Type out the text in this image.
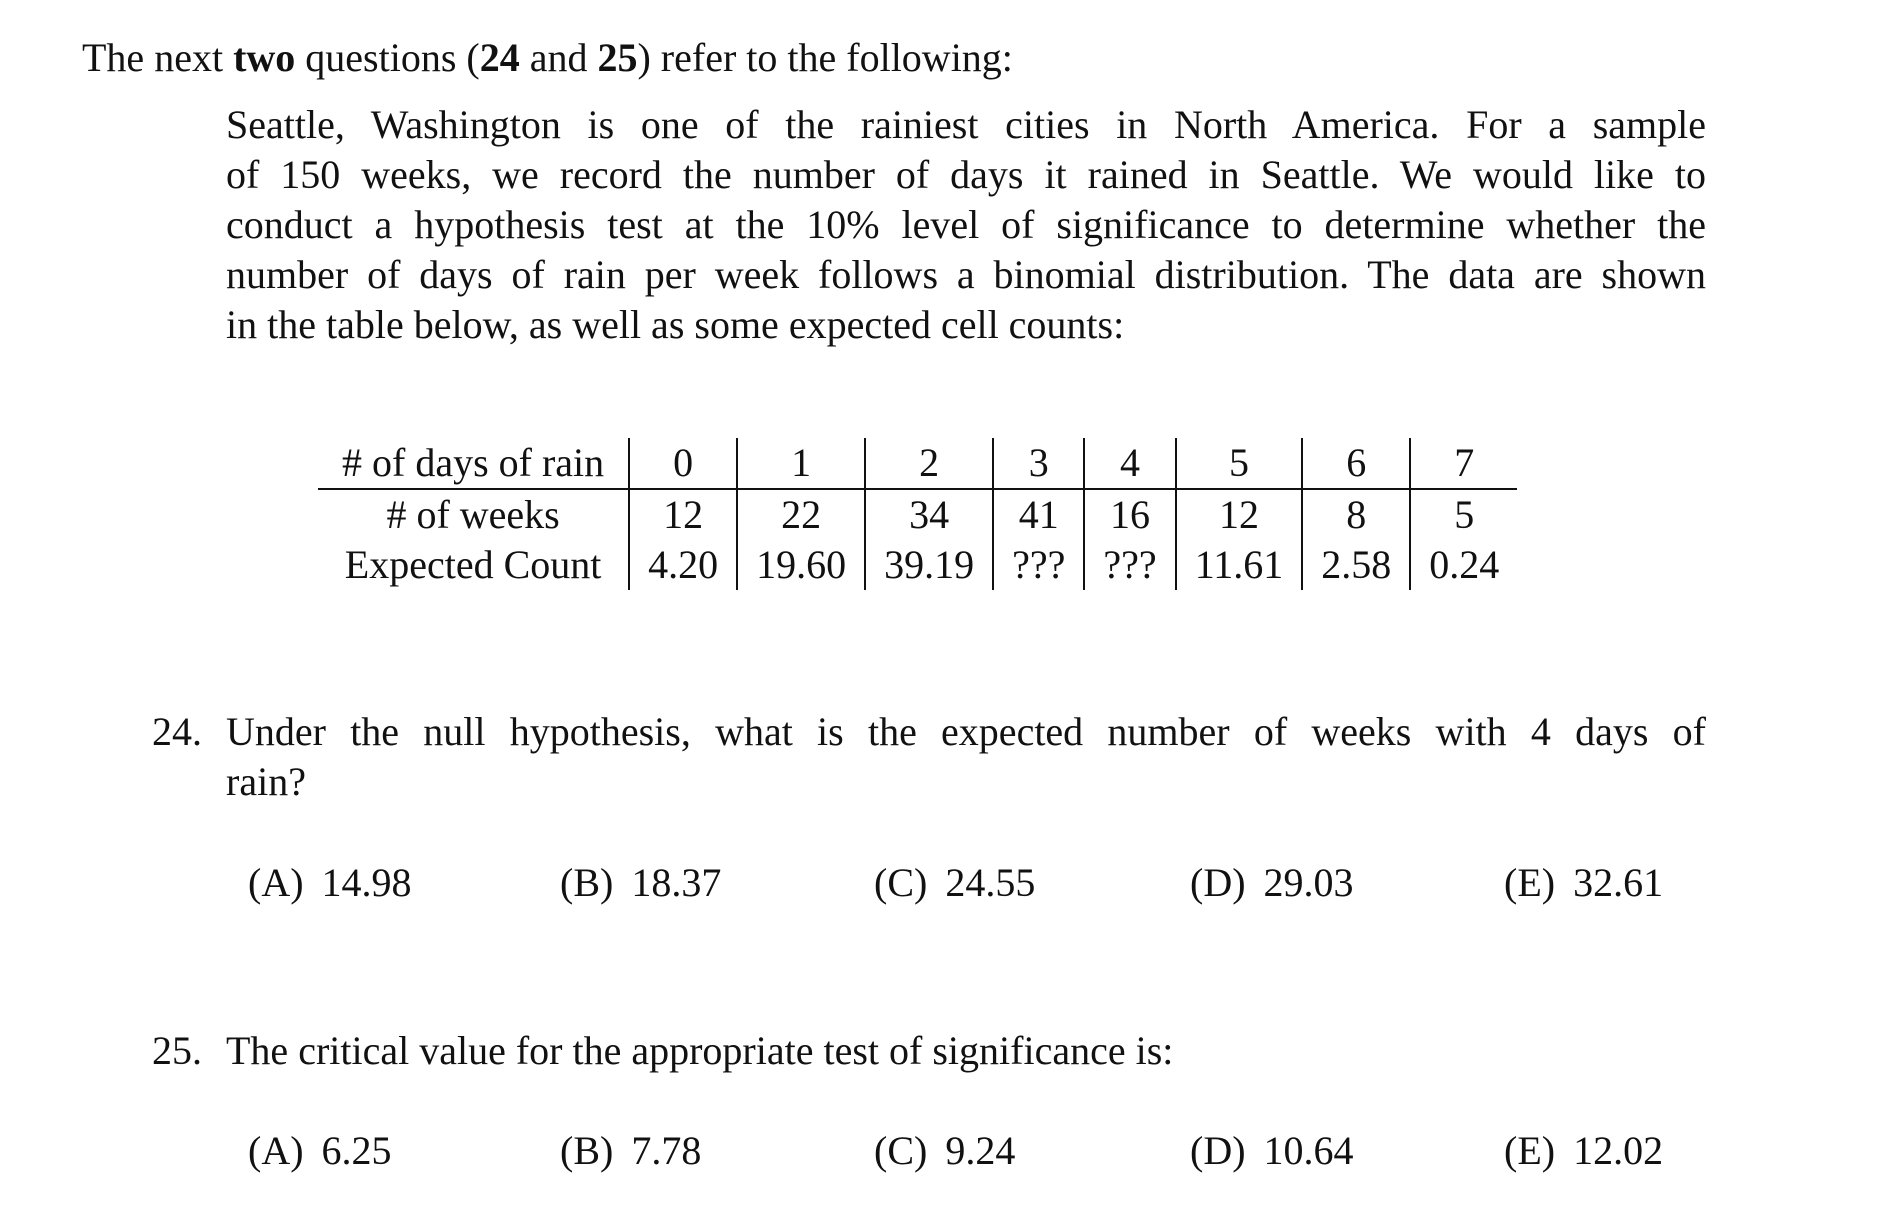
The next two questions (24 and 25) refer to the following:
Seattle, Washington is one of the rainiest cities in North America. For a sample
of 150 weeks, we record the number of days it rained in Seattle. We would like to
conduct a hypothesis test at the 10% level of significance to determine whether the
number of days of rain per week follows a binomial distribution. The data are shown
in the table below, as well as some expected cell counts:
# of days of rain	0	1	2	3	4	5	6	7
# of weeks	12	22	34	41	16	12	8	5
Expected Count	4.20	19.60	39.19	???	???	11.61	2.58	0.24
24. Under the null hypothesis, what is the expected number of weeks with 4 days of
rain?
(A) 14.98	(B) 18.37	(C) 24.55	(D) 29.03	(E) 32.61
25. The critical value for the appropriate test of significance is:
(A) 6.25	(B) 7.78	(C) 9.24	(D) 10.64	(E) 12.02
